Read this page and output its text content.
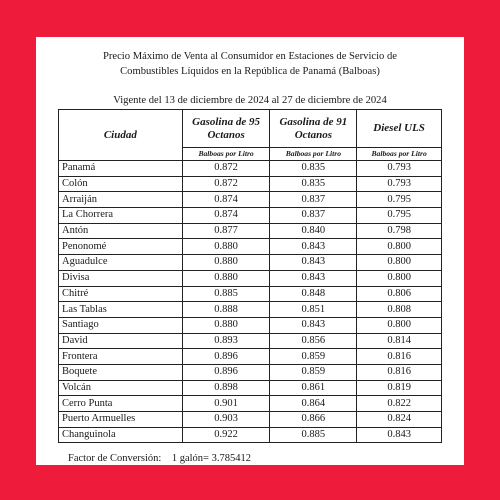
Precio Máximo de Venta al Consumidor en Estaciones de Servicio de
Combustibles Líquidos en la República de Panamá (Balboas)
Vigente del 13 de diciembre de 2024 al 27 de diciembre de 2024
Ciudad	Gasolina de 95 Octanos	Gasolina de 91 Octanos	Diesel ULS
	Balboas por Litro	Balboas por Litro	Balboas por Litro
Panamá	0.872	0.835	0.793
Colón	0.872	0.835	0.793
Arraiján	0.874	0.837	0.795
La Chorrera	0.874	0.837	0.795
Antón	0.877	0.840	0.798
Penonomé	0.880	0.843	0.800
Aguadulce	0.880	0.843	0.800
Divisa	0.880	0.843	0.800
Chitré	0.885	0.848	0.806
Las Tablas	0.888	0.851	0.808
Santiago	0.880	0.843	0.800
David	0.893	0.856	0.814
Frontera	0.896	0.859	0.816
Boquete	0.896	0.859	0.816
Volcán	0.898	0.861	0.819
Cerro Punta	0.901	0.864	0.822
Puerto Armuelles	0.903	0.866	0.824
Changuinola	0.922	0.885	0.843
Factor de Conversión: 1 galón= 3.785412
